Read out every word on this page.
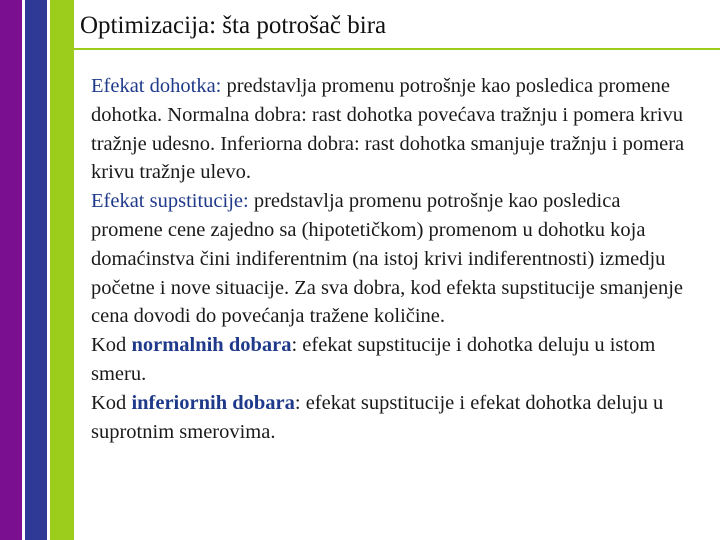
Optimizacija: šta potrošač bira

Efekat dohotka: predstavlja promenu potrošnje kao posledica promene dohotka. Normalna dobra: rast dohotka povećava tražnju i pomera krivu tražnje udesno. Inferiorna dobra: rast dohotka smanjuje tražnju i pomera krivu tražnje ulevo.

Efekat supstitucije: predstavlja promenu potrošnje kao posledica promene cene zajedno sa (hipotetičkom) promenom u dohotku koja domaćinstva čini indiferentnim (na istoj krivi indiferentnosti) izmedju početne i nove situacije. Za sva dobra, kod efekta supstitucije smanjenje cena dovodi do povećanja tražene količine.

Kod normalnih dobara: efekat supstitucije i dohotka deluju u istom smeru.

Kod inferiornih dobara: efekat supstitucije i efekat dohotka deluju u suprotnim smerovima.
